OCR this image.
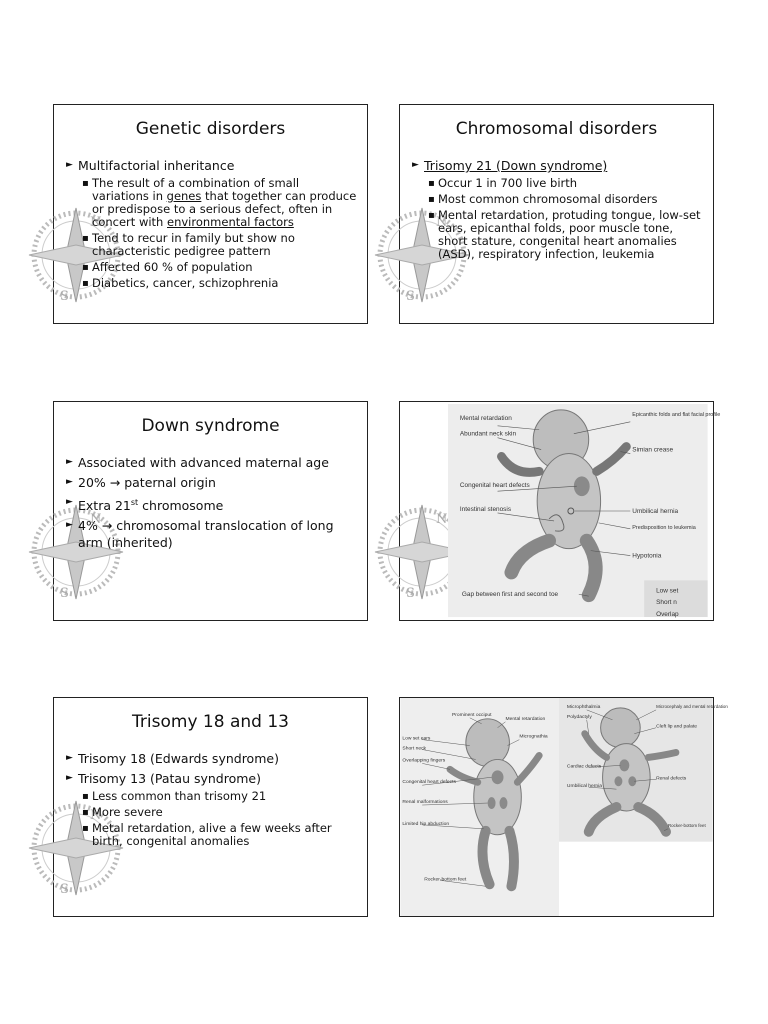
Genetic disorders
► Multifactorial inheritance
▪ The result of a combination of small variations in genes that together can produce or predispose to a serious defect, often in concert with environmental factors
▪ Tend to recur in family but show no characteristic pedigree pattern
▪ Affected 60 % of population
▪ Diabetics, cancer, schizophrenia
Chromosomal disorders
► Trisomy 21 (Down syndrome)
▪ Occur 1 in 700 live birth
▪ Most common chromosomal disorders
▪ Mental retardation, protuding tongue, low-set ears, epicanthal folds, poor muscle tone, short stature, congenital heart anomalies (ASD), respiratory infection, leukemia
Down syndrome
► Associated with advanced maternal age
► 20% → paternal origin
► Extra 21st chromosome
► 4% → chromosomal translocation of long arm (inherited)
Mental retardation
Abundant neck skin
Congenital heart defects
Intestinal stenosis
Epicanthic folds and flat facial profile
Simian crease
Umbilical hernia
Predisposition to leukemia
Hypotonia
Gap between first and second toe
Low set
Short n
Overlap
Trisomy 18 and 13
► Trisomy 18 (Edwards syndrome)
► Trisomy 13 (Patau syndrome)
▪ Less common than trisomy 21
▪ More severe
▪ Metal retardation, alive a few weeks after birth, congenital anomalies
Prominent occiput
Mental retardation
Micrognathia
Low set ears
Short neck
Overlapping fingers
Congenital heart defects
Renal malformations
Limited hip abduction
Rocker-bottom feet
Microphthalmia
Polydactyly
Microcephaly and mental retardation
Cleft lip and palate
Cardiac defects
Renal defects
Umbilical hernia
Rocker-bottom feet
